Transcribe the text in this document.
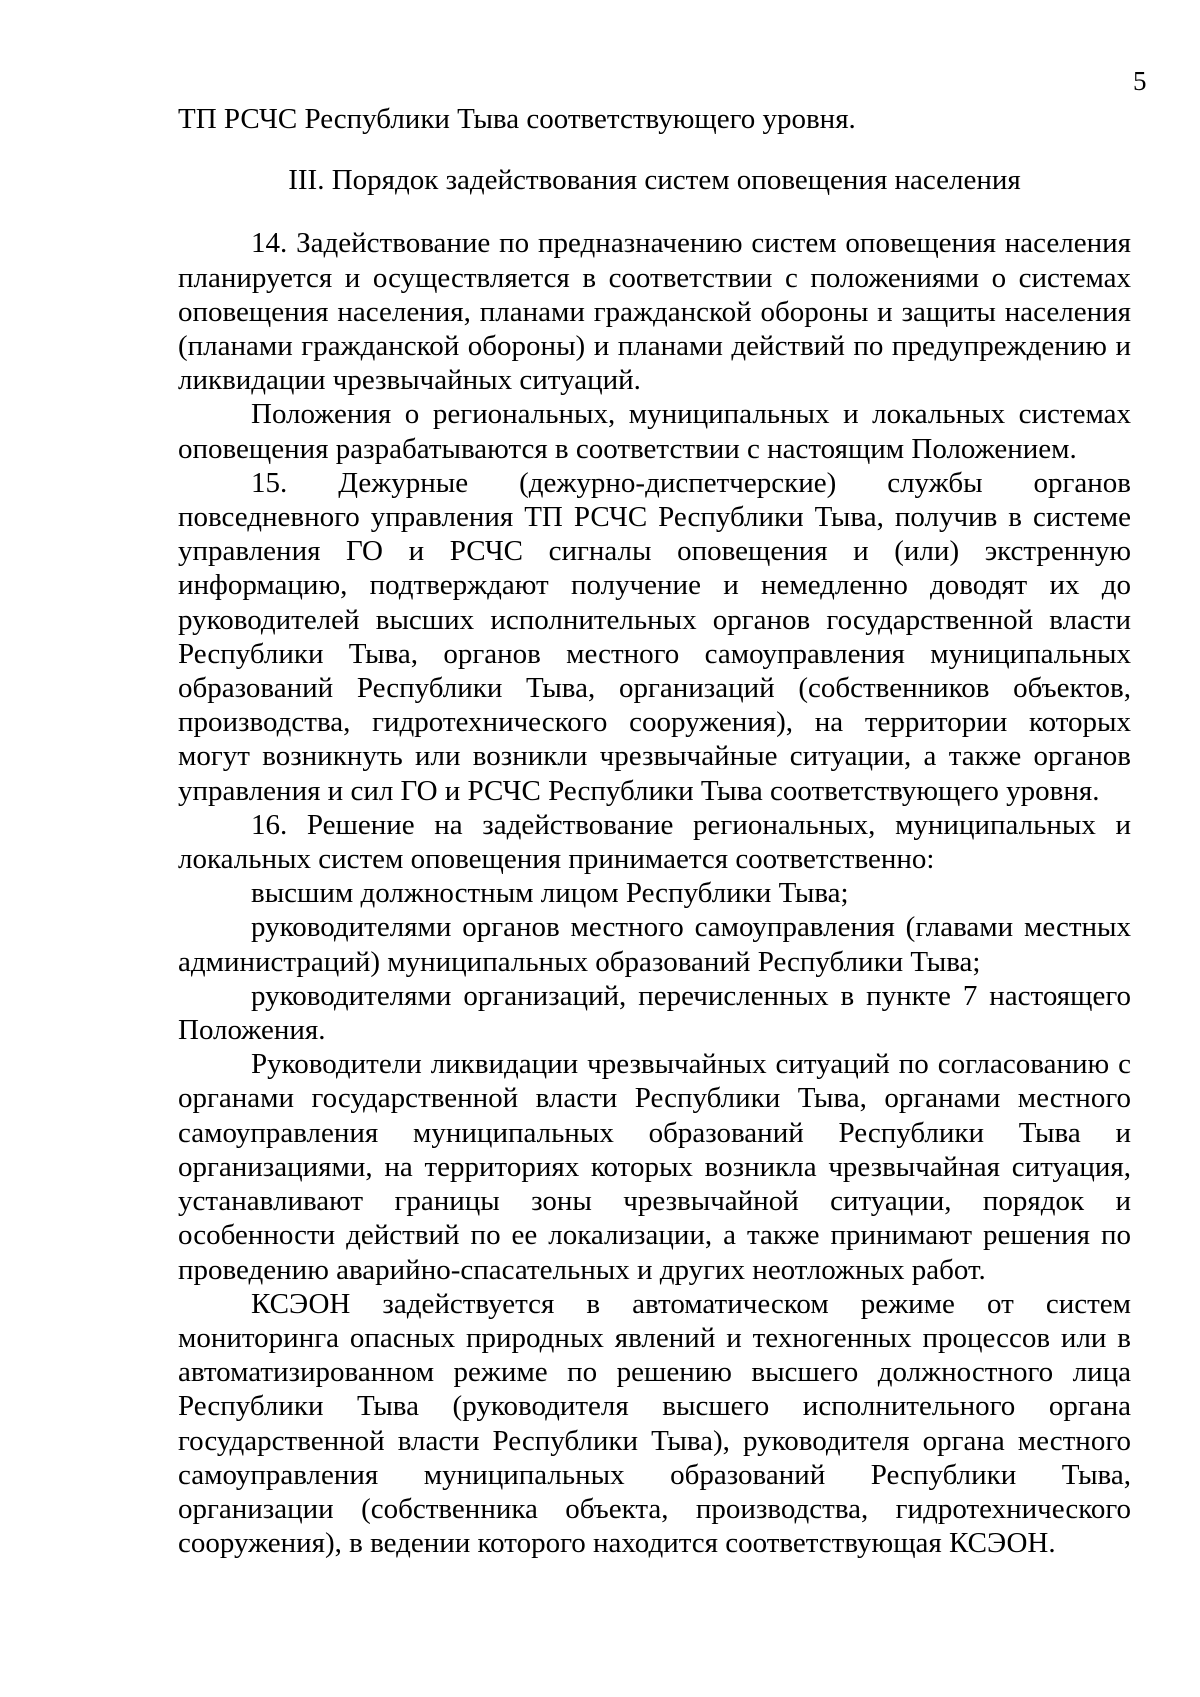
5

ТП РСЧС Республики Тыва соответствующего уровня.

III. Порядок задействования систем оповещения населения

14. Задействование по предназначению систем оповещения населения планируется и осуществляется в соответствии с положениями о системах оповещения населения, планами гражданской обороны и защиты населения (планами гражданской обороны) и планами действий по предупреждению и ликвидации чрезвычайных ситуаций.

Положения о региональных, муниципальных и локальных системах оповещения разрабатываются в соответствии с настоящим Положением.

15. Дежурные (дежурно-диспетчерские) службы органов повседневного управления ТП РСЧС Республики Тыва, получив в системе управления ГО и РСЧС сигналы оповещения и (или) экстренную информацию, подтверждают получение и немедленно доводят их до руководителей высших исполнительных органов государственной власти Республики Тыва, органов местного самоуправления муниципальных образований Республики Тыва, организаций (собственников объектов, производства, гидротехнического сооружения), на территории которых могут возникнуть или возникли чрезвычайные ситуации, а также органов управления и сил ГО и РСЧС Республики Тыва соответствующего уровня.

16. Решение на задействование региональных, муниципальных и локальных систем оповещения принимается соответственно:

высшим должностным лицом Республики Тыва;

руководителями органов местного самоуправления (главами местных администраций) муниципальных образований Республики Тыва;

руководителями организаций, перечисленных в пункте 7 настоящего Положения.

Руководители ликвидации чрезвычайных ситуаций по согласованию с органами государственной власти Республики Тыва, органами местного самоуправления муниципальных образований Республики Тыва и организациями, на территориях которых возникла чрезвычайная ситуация, устанавливают границы зоны чрезвычайной ситуации, порядок и особенности действий по ее локализации, а также принимают решения по проведению аварийно-спасательных и других неотложных работ.

КСЭОН задействуется в автоматическом режиме от систем мониторинга опасных природных явлений и техногенных процессов или в автоматизированном режиме по решению высшего должностного лица Республики Тыва (руководителя высшего исполнительного органа государственной власти Республики Тыва), руководителя органа местного самоуправления муниципальных образований Республики Тыва, организации (собственника объекта, производства, гидротехнического сооружения), в ведении которого находится соответствующая КСЭОН.
